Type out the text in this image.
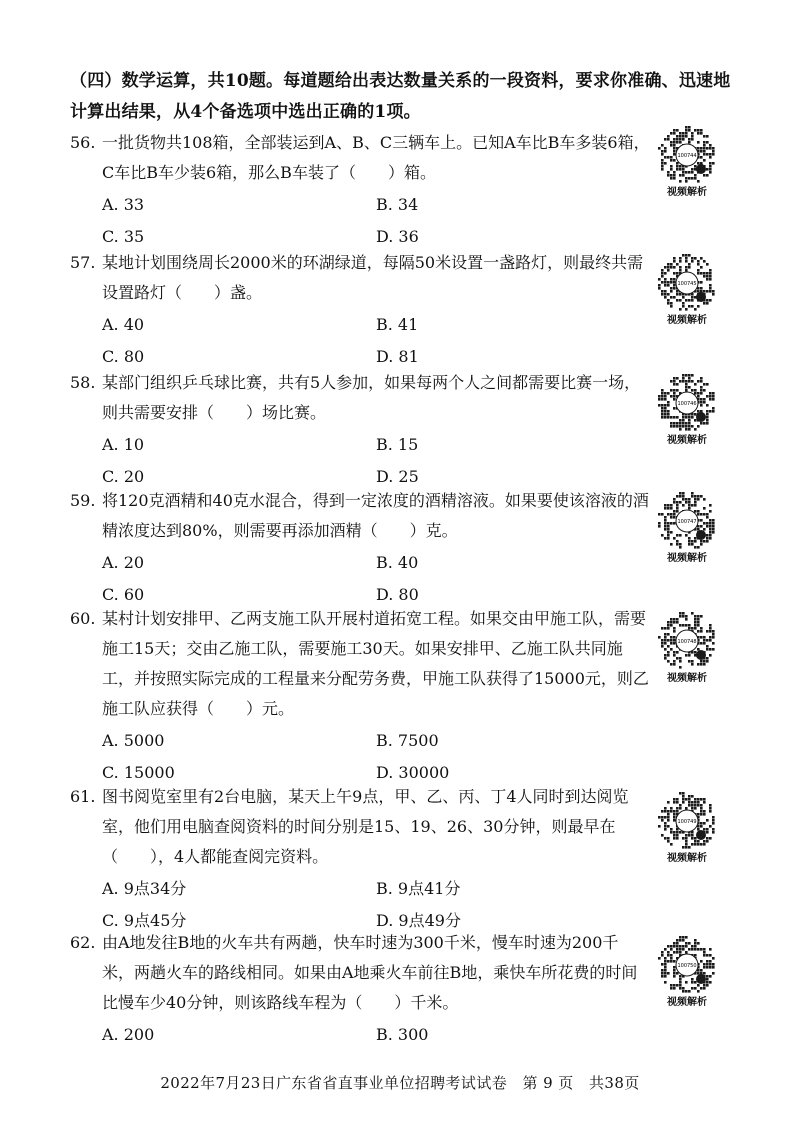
（四）数学运算，共10题。每道题给出表达数量关系的一段资料，要求你准确、迅速地计算出结果，从4个备选项中选出正确的1项。
56. 一批货物共108箱，全部装运到A、B、C三辆车上。已知A车比B车多装6箱，C车比B车少装6箱，那么B车装了（　　）箱。
A. 33	B. 34
C. 35	D. 36
100744
视频解析
57. 某地计划围绕周长2000米的环湖绿道，每隔50米设置一盏路灯，则最终共需设置路灯（　　）盏。
A. 40	B. 41
C. 80	D. 81
100745
视频解析
58. 某部门组织乒乓球比赛，共有5人参加，如果每两个人之间都需要比赛一场，则共需要安排（　　）场比赛。
A. 10	B. 15
C. 20	D. 25
100746
视频解析
59. 将120克酒精和40克水混合，得到一定浓度的酒精溶液。如果要使该溶液的酒精浓度达到80%，则需要再添加酒精（　　）克。
A. 20	B. 40
C. 60	D. 80
100747
视频解析
60. 某村计划安排甲、乙两支施工队开展村道拓宽工程。如果交由甲施工队，需要施工15天；交由乙施工队，需要施工30天。如果安排甲、乙施工队共同施工，并按照实际完成的工程量来分配劳务费，甲施工队获得了15000元，则乙施工队应获得（　　）元。
A. 5000	B. 7500
C. 15000	D. 30000
100748
视频解析
61. 图书阅览室里有2台电脑，某天上午9点，甲、乙、丙、丁4人同时到达阅览室，他们用电脑查阅资料的时间分别是15、19、26、30分钟，则最早在（　　），4人都能查阅完资料。
A. 9点34分	B. 9点41分
C. 9点45分	D. 9点49分
100749
视频解析
62. 由A地发往B地的火车共有两趟，快车时速为300千米，慢车时速为200千米，两趟火车的路线相同。如果由A地乘火车前往B地，乘快车所花费的时间比慢车少40分钟，则该路线车程为（　　）千米。
A. 200	B. 300
100750
视频解析
2022年7月23日广东省省直事业单位招聘考试试卷　第 9 页　共38页
